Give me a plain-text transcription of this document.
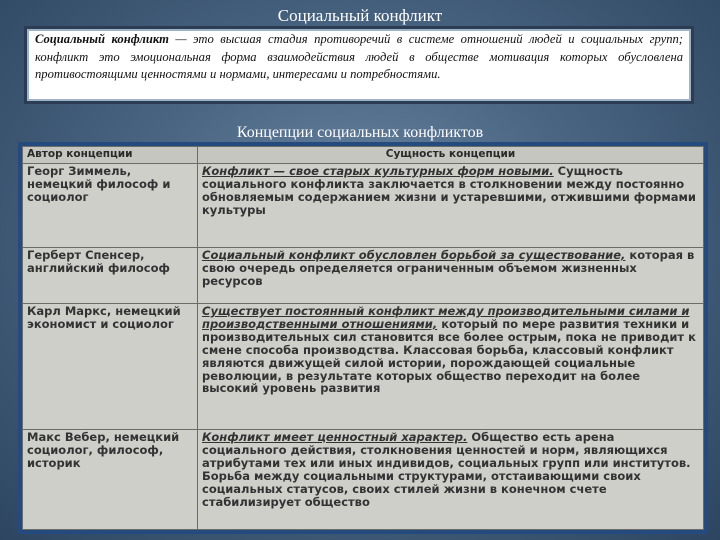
Социальный конфликт
Социальный конфликт — это высшая стадия противоречий в системе отношений людей и социальных групп; конфликт это эмоциональная форма взаимодействия людей в обществе мотивация которых обусловлена противостоящими ценностями и нормами, интересами и потребностями.
Концепции социальных конфликтов
Автор концепции	Сущность концепции
Георг Зиммель, немецкий философ и социолог	Конфликт — свое старых культурных форм новыми. Сущность социального конфликта заключается в столкновении между постоянно обновляемым содержанием жизни и устаревшими, отжившими формами культуры
Герберт Спенсер, английский философ	Социальный конфликт обусловлен борьбой за существование, которая в свою очередь определяется ограниченным объемом жизненных ресурсов
Карл Маркс, немецкий экономист и социолог	Существует постоянный конфликт между производительными силами и производственными отношениями, который по мере развития техники и производительных сил становится все более острым, пока не приводит к смене способа производства. Классовая борьба, классовый конфликт являются движущей силой истории, порождающей социальные революции, в результате которых общество переходит на более высокий уровень развития
Макс Вебер, немецкий социолог, философ, историк	Конфликт имеет ценностный характер. Общество есть арена социального действия, столкновения ценностей и норм, являющихся атрибутами тех или иных индивидов, социальных групп или институтов. Борьба между социальными структурами, отстаивающими своих социальных статусов, своих стилей жизни в конечном счете стабилизирует общество
